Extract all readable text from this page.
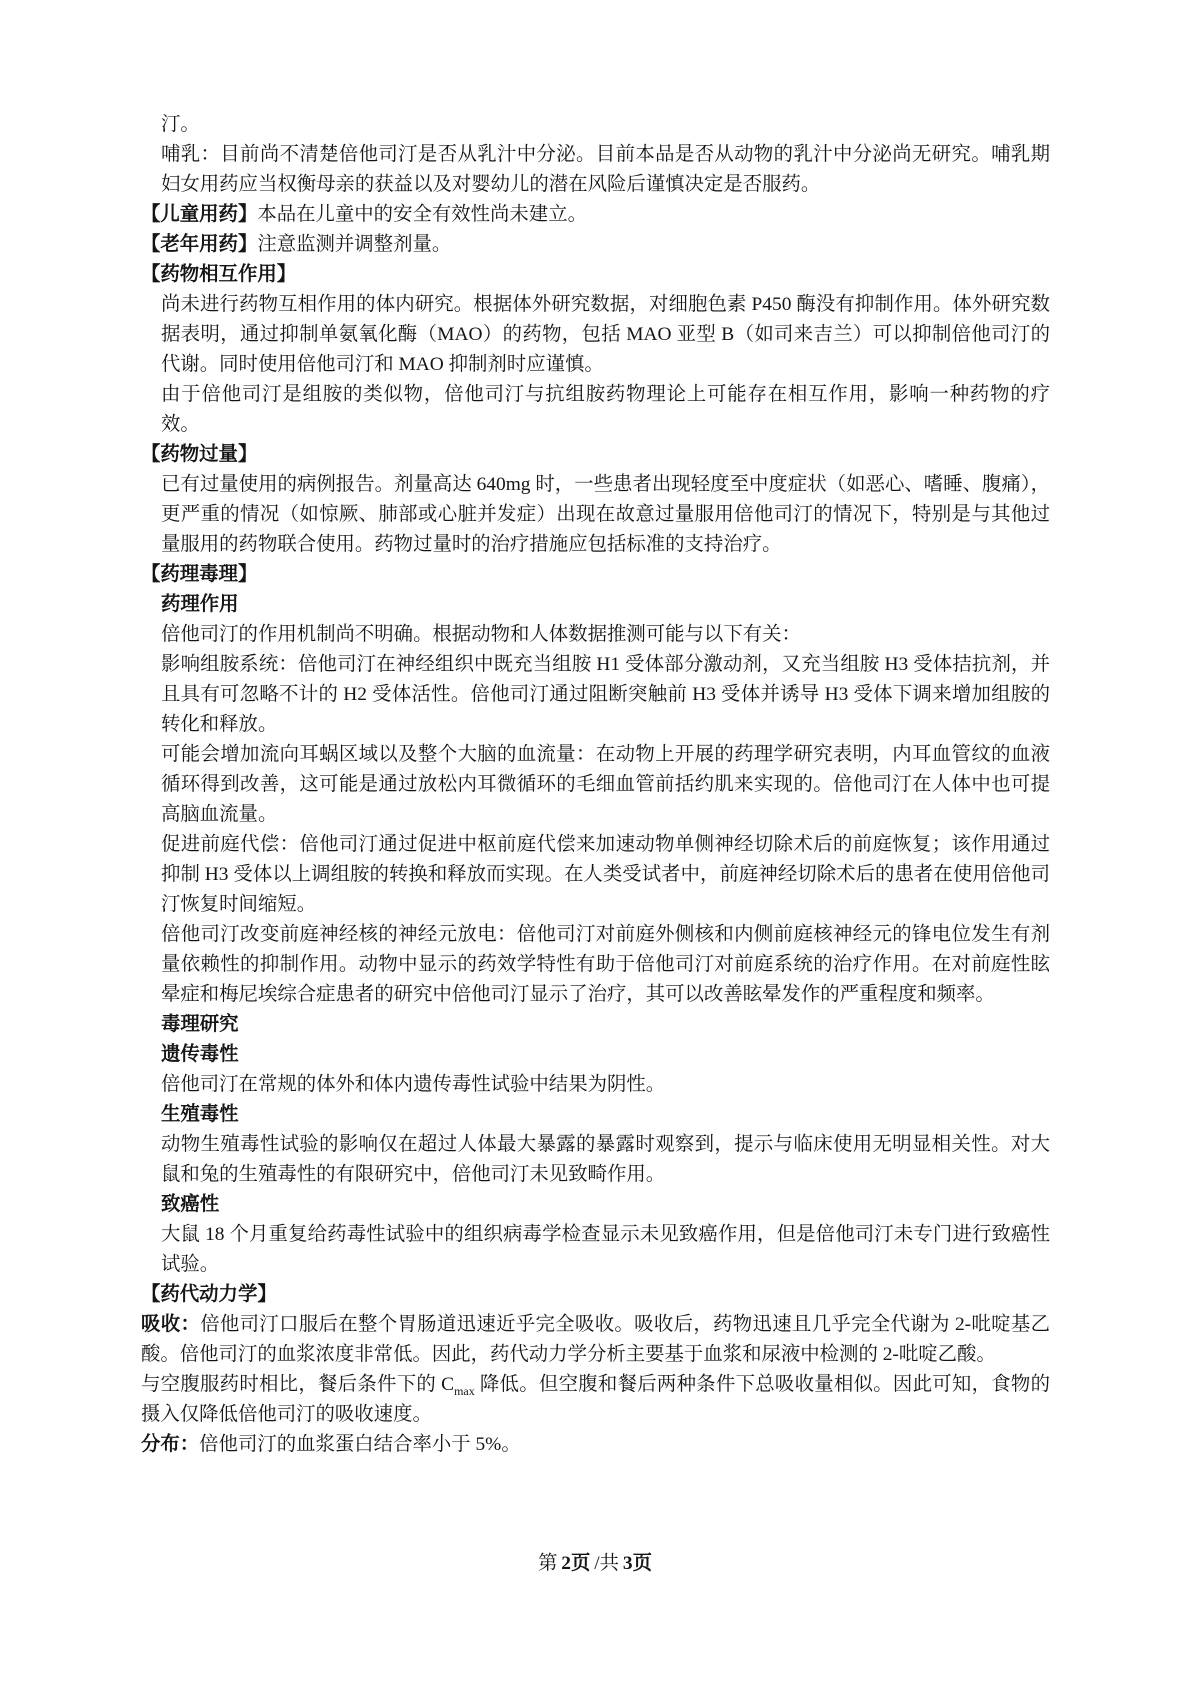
汀。
哺乳：目前尚不清楚倍他司汀是否从乳汁中分泌。目前本品是否从动物的乳汁中分泌尚无研究。哺乳期妇女用药应当权衡母亲的获益以及对婴幼儿的潜在风险后谨慎决定是否服药。
【儿童用药】本品在儿童中的安全有效性尚未建立。
【老年用药】注意监测并调整剂量。
【药物相互作用】
尚未进行药物互相作用的体内研究。根据体外研究数据，对细胞色素 P450 酶没有抑制作用。体外研究数据表明，通过抑制单氨氧化酶（MAO）的药物，包括 MAO 亚型 B（如司来吉兰）可以抑制倍他司汀的代谢。同时使用倍他司汀和 MAO 抑制剂时应谨慎。
由于倍他司汀是组胺的类似物，倍他司汀与抗组胺药物理论上可能存在相互作用，影响一种药物的疗效。
【药物过量】
已有过量使用的病例报告。剂量高达 640mg 时，一些患者出现轻度至中度症状（如恶心、嗜睡、腹痛），更严重的情况（如惊厥、肺部或心脏并发症）出现在故意过量服用倍他司汀的情况下，特别是与其他过量服用的药物联合使用。药物过量时的治疗措施应包括标准的支持治疗。
【药理毒理】
药理作用
倍他司汀的作用机制尚不明确。根据动物和人体数据推测可能与以下有关：
影响组胺系统：倍他司汀在神经组织中既充当组胺 H1 受体部分激动剂，又充当组胺 H3 受体拮抗剂，并且具有可忽略不计的 H2 受体活性。倍他司汀通过阻断突触前 H3 受体并诱导 H3 受体下调来增加组胺的转化和释放。
可能会增加流向耳蜗区域以及整个大脑的血流量：在动物上开展的药理学研究表明，内耳血管纹的血液循环得到改善，这可能是通过放松内耳微循环的毛细血管前括约肌来实现的。倍他司汀在人体中也可提高脑血流量。
促进前庭代偿：倍他司汀通过促进中枢前庭代偿来加速动物单侧神经切除术后的前庭恢复；该作用通过抑制 H3 受体以上调组胺的转换和释放而实现。在人类受试者中，前庭神经切除术后的患者在使用倍他司汀恢复时间缩短。
倍他司汀改变前庭神经核的神经元放电：倍他司汀对前庭外侧核和内侧前庭核神经元的锋电位发生有剂量依赖性的抑制作用。动物中显示的药效学特性有助于倍他司汀对前庭系统的治疗作用。在对前庭性眩晕症和梅尼埃综合症患者的研究中倍他司汀显示了治疗，其可以改善眩晕发作的严重程度和频率。
毒理研究
遗传毒性
倍他司汀在常规的体外和体内遗传毒性试验中结果为阴性。
生殖毒性
动物生殖毒性试验的影响仅在超过人体最大暴露的暴露时观察到，提示与临床使用无明显相关性。对大鼠和兔的生殖毒性的有限研究中，倍他司汀未见致畸作用。
致癌性
大鼠 18 个月重复给药毒性试验中的组织病毒学检查显示未见致癌作用，但是倍他司汀未专门进行致癌性试验。
【药代动力学】
吸收：倍他司汀口服后在整个胃肠道迅速近乎完全吸收。吸收后，药物迅速且几乎完全代谢为 2-吡啶基乙酸。倍他司汀的血浆浓度非常低。因此，药代动力学分析主要基于血浆和尿液中检测的 2-吡啶乙酸。
与空腹服药时相比，餐后条件下的 $C_{max}$ 降低。但空腹和餐后两种条件下总吸收量相似。因此可知，食物的摄入仅降低倍他司汀的吸收速度。
分布：倍他司汀的血浆蛋白结合率小于 5%。
第  2页  /共  3页
